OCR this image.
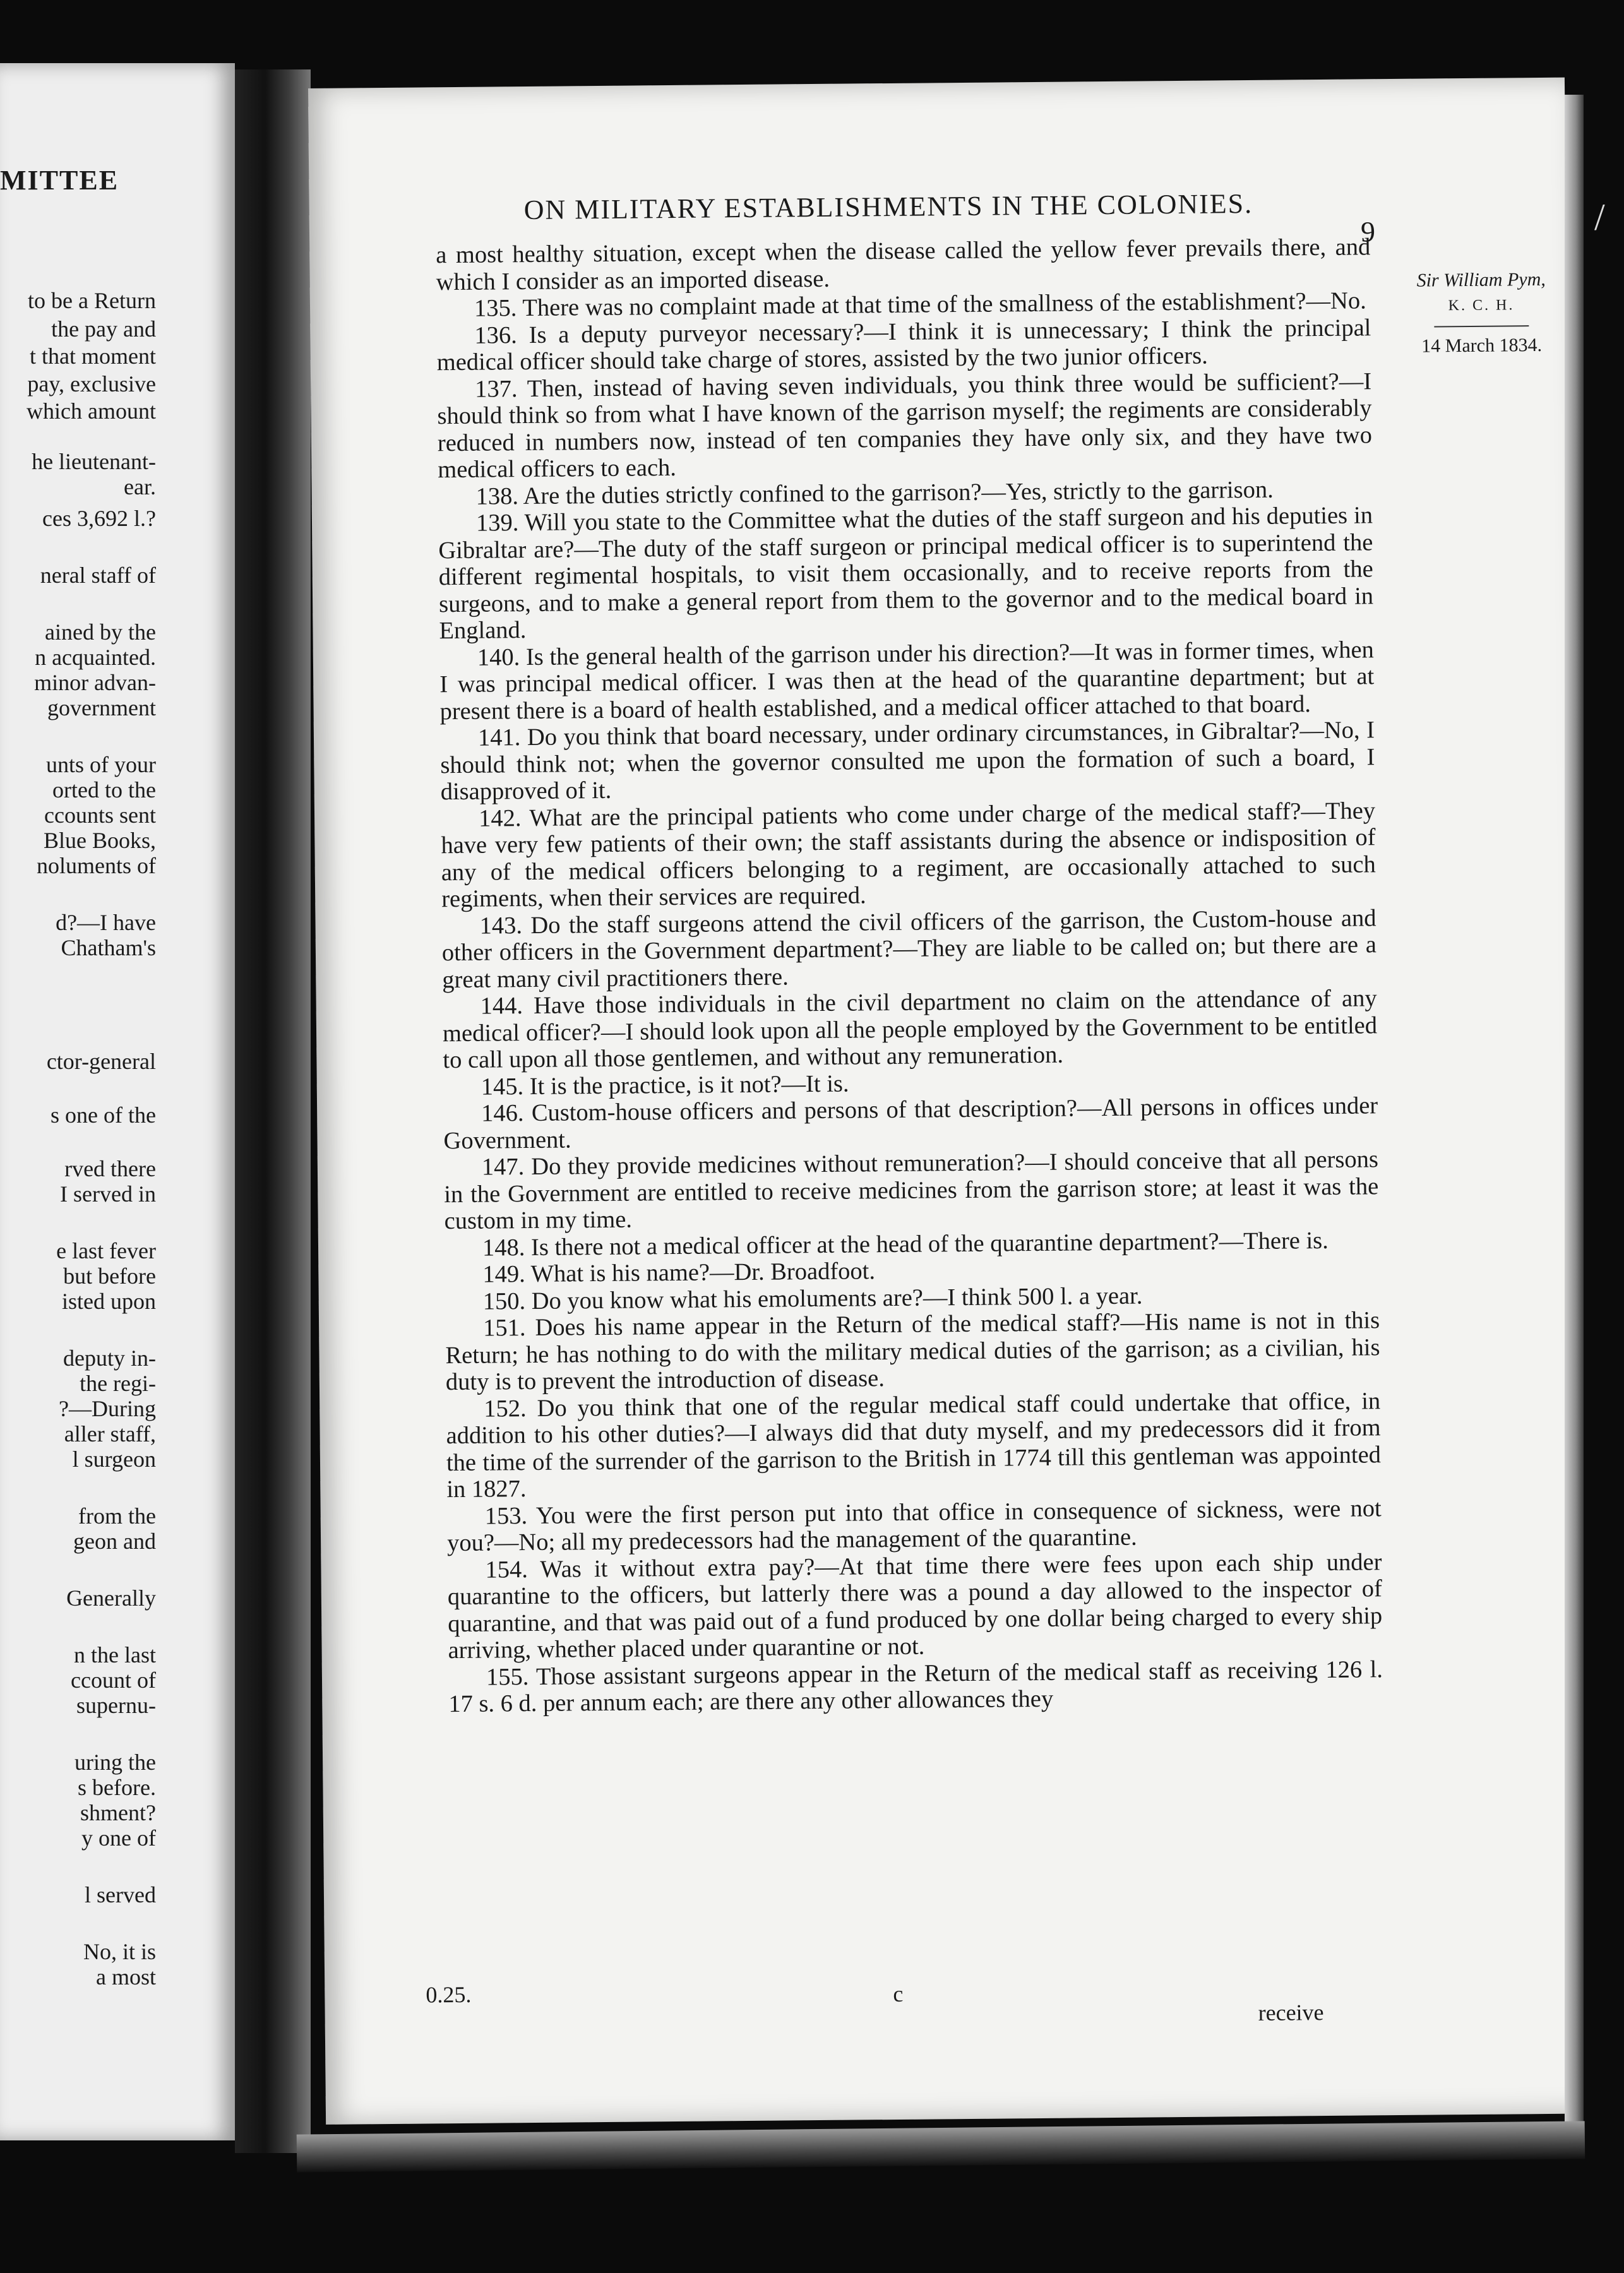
MITTEE
to be a Return
the pay and
t that moment
pay, exclusive
which amount
he lieutenant-
ear.
ces 3,692 l.?
neral staff of
ained by the
n acquainted.
minor advan-
government
unts of your
orted to the
ccounts sent
Blue Books,
noluments of
d?—I have
Chatham's
ctor-general
s one of the
rved there
I served in
e last fever
but before
isted upon
deputy in-
the regi-
?—During
aller staff,
l surgeon
from the
geon and
Generally
n the last
ccount of
supernu-
uring the
s before.
shment?
y one of
l served
No, it is
a most
ON MILITARY ESTABLISHMENTS IN THE COLONIES.
9
Sir William Pym,
K. C. H.
14 March 1834.

a most healthy situation, except when the disease called the yellow fever prevails there, and which I consider as an imported disease.

135. There was no complaint made at that time of the smallness of the establishment?—No.

136. Is a deputy purveyor necessary?—I think it is unnecessary; I think the principal medical officer should take charge of stores, assisted by the two junior officers.

137. Then, instead of having seven individuals, you think three would be sufficient?—I should think so from what I have known of the garrison myself; the regiments are considerably reduced in numbers now, instead of ten companies they have only six, and they have two medical officers to each.

138. Are the duties strictly confined to the garrison?—Yes, strictly to the garrison.

139. Will you state to the Committee what the duties of the staff surgeon and his deputies in Gibraltar are?—The duty of the staff surgeon or principal medical officer is to superintend the different regimental hospitals, to visit them occasionally, and to receive reports from the surgeons, and to make a general report from them to the governor and to the medical board in England.

140. Is the general health of the garrison under his direction?—It was in former times, when I was principal medical officer. I was then at the head of the quarantine department; but at present there is a board of health established, and a medical officer attached to that board.

141. Do you think that board necessary, under ordinary circumstances, in Gibraltar?—No, I should think not; when the governor consulted me upon the formation of such a board, I disapproved of it.

142. What are the principal patients who come under charge of the medical staff?—They have very few patients of their own; the staff assistants during the absence or indisposition of any of the medical officers belonging to a regiment, are occasionally attached to such regiments, when their services are required.

143. Do the staff surgeons attend the civil officers of the garrison, the Custom-house and other officers in the Government department?—They are liable to be called on; but there are a great many civil practitioners there.

144. Have those individuals in the civil department no claim on the attendance of any medical officer?—I should look upon all the people employed by the Government to be entitled to call upon all those gentlemen, and without any remuneration.

145. It is the practice, is it not?—It is.

146. Custom-house officers and persons of that description?—All persons in offices under Government.

147. Do they provide medicines without remuneration?—I should conceive that all persons in the Government are entitled to receive medicines from the garrison store; at least it was the custom in my time.

148. Is there not a medical officer at the head of the quarantine department?—There is.

149. What is his name?—Dr. Broadfoot.

150. Do you know what his emoluments are?—I think 500 l. a year.

151. Does his name appear in the Return of the medical staff?—His name is not in this Return; he has nothing to do with the military medical duties of the garrison; as a civilian, his duty is to prevent the introduction of disease.

152. Do you think that one of the regular medical staff could undertake that office, in addition to his other duties?—I always did that duty myself, and my predecessors did it from the time of the surrender of the garrison to the British in 1774 till this gentleman was appointed in 1827.

153. You were the first person put into that office in consequence of sickness, were not you?—No; all my predecessors had the management of the quarantine.

154. Was it without extra pay?—At that time there were fees upon each ship under quarantine to the officers, but latterly there was a pound a day allowed to the inspector of quarantine, and that was paid out of a fund produced by one dollar being charged to every ship arriving, whether placed under quarantine or not.

155. Those assistant surgeons appear in the Return of the medical staff as receiving 126 l. 17 s. 6 d. per annum each; are there any other allowances they

0.25.	c
receive
/
